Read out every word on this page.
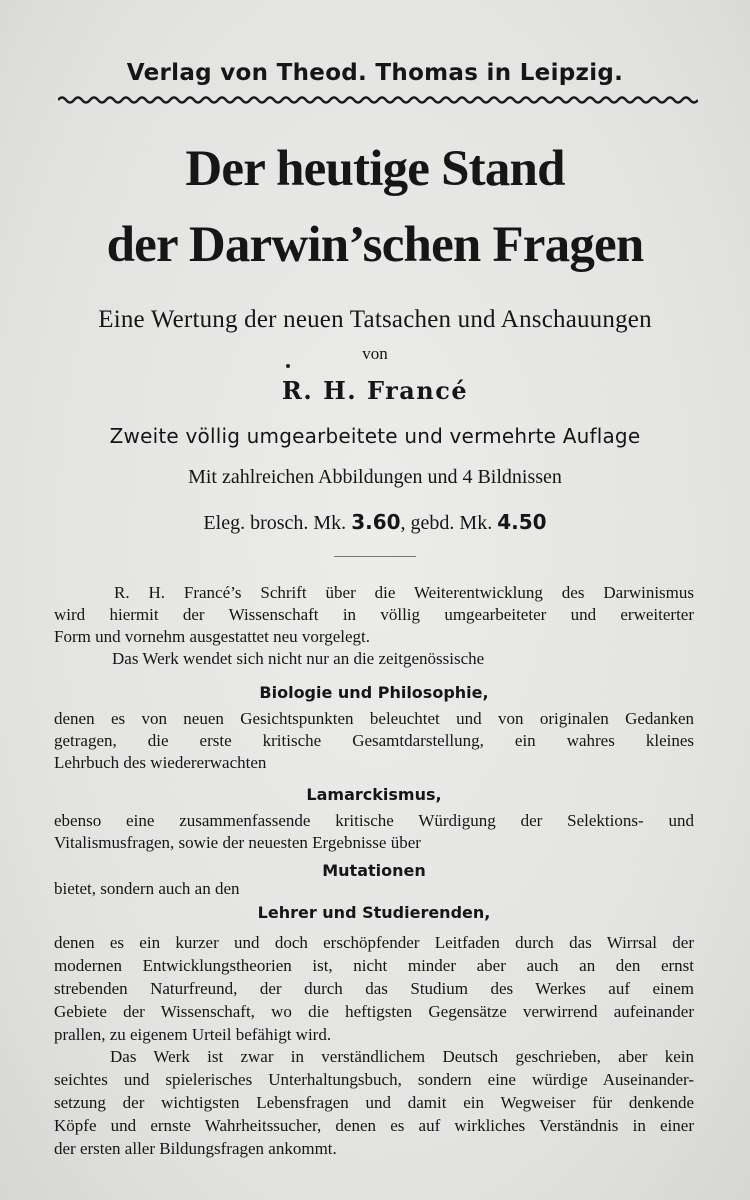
Verlag von Theod. Thomas in Leipzig.
Der heutige Stand
der Darwin’schen Fragen
Eine Wertung der neuen Tatsachen und Anschauungen
von
R. H. Francé
Zweite völlig umgearbeitete und vermehrte Auflage
Mit zahlreichen Abbildungen und 4 Bildnissen
Eleg. brosch. Mk. 3.60, gebd. Mk. 4.50
R. H. Francé’s Schrift über die Weiterentwicklung des Darwinismus
wird hiermit der Wissenschaft in völlig umgearbeiteter und erweiterter
Form und vornehm ausgestattet neu vorgelegt.
Das Werk wendet sich nicht nur an die zeitgenössische
Biologie und Philosophie,
denen es von neuen Gesichtspunkten beleuchtet und von originalen Gedanken
getragen, die erste kritische Gesamtdarstellung, ein wahres kleines
Lehrbuch des wiedererwachten
Lamarckismus,
ebenso eine zusammenfassende kritische Würdigung der Selektions- und
Vitalismusfragen, sowie der neuesten Ergebnisse über
Mutationen
bietet, sondern auch an den
Lehrer und Studierenden,
denen es ein kurzer und doch erschöpfender Leitfaden durch das Wirrsal der
modernen Entwicklungstheorien ist, nicht minder aber auch an den ernst
strebenden Naturfreund, der durch das Studium des Werkes auf einem
Gebiete der Wissenschaft, wo die heftigsten Gegensätze verwirrend aufeinander
prallen, zu eigenem Urteil befähigt wird.
Das Werk ist zwar in verständlichem Deutsch geschrieben, aber kein
seichtes und spielerisches Unterhaltungsbuch, sondern eine würdige Auseinander-
setzung der wichtigsten Lebensfragen und damit ein Wegweiser für denkende
Köpfe und ernste Wahrheitssucher, denen es auf wirkliches Verständnis in einer
der ersten aller Bildungsfragen ankommt.
